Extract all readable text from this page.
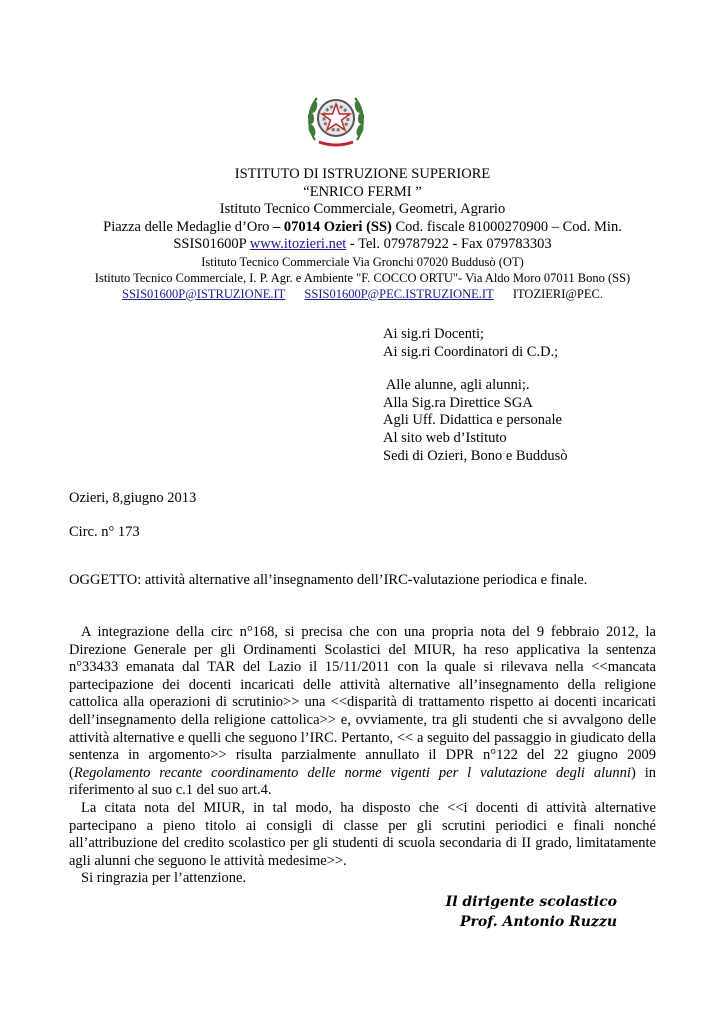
ISTITUTO DI ISTRUZIONE SUPERIORE
“ENRICO FERMI ”
Istituto Tecnico Commerciale, Geometri, Agrario
Piazza delle Medaglie d’Oro – 07014 Ozieri (SS) Cod. fiscale 81000270900 – Cod. Min.
SSIS01600P www.itozieri.net - Tel. 079787922 - Fax 079783303
Istituto Tecnico Commerciale Via Gronchi 07020 Buddusò (OT)
Istituto Tecnico Commerciale, I. P. Agr. e Ambiente "F. COCCO ORTU"- Via Aldo Moro 07011 Bono (SS)
SSIS01600P@ISTRUZIONE.IT SSIS01600P@PEC.ISTRUZIONE.IT ITOZIERI@PEC.
Ai sig.ri Docenti;
Ai sig.ri Coordinatori di C.D.;
Alle alunne, agli alunni;.
Alla Sig.ra Direttice SGA
Agli Uff. Didattica e personale
Al sito web d’Istituto
Sedi di Ozieri, Bono e Buddusò
Ozieri, 8,giugno 2013
Circ. n° 173
OGGETTO: attività alternative all’insegnamento dell’IRC-valutazione periodica e finale.

A integrazione della circ n°168, si precisa che con una propria nota del 9 febbraio 2012, la Direzione Generale per gli Ordinamenti Scolastici del MIUR, ha reso applicativa la sentenza n°33433 emanata dal TAR del Lazio il 15/11/2011 con la quale si rilevava nella <<mancata partecipazione dei docenti incaricati delle attività alternative all’insegnamento della religione cattolica alla operazioni di scrutinio>> una <<disparità di trattamento rispetto ai docenti incaricati dell’insegnamento della religione cattolica>> e, ovviamente, tra gli studenti che si avvalgono delle attività alternative e quelli che seguono l’IRC. Pertanto, << a seguito del passaggio in giudicato della sentenza in argomento>> risulta parzialmente annullato il DPR n°122 del 22 giugno 2009 (Regolamento recante coordinamento delle norme vigenti per l valutazione degli alunni) in riferimento al suo c.1 del suo art.4.

La citata nota del MIUR, in tal modo, ha disposto che <<i docenti di attività alternative partecipano a pieno titolo ai consigli di classe per gli scrutini periodici e finali nonché all’attribuzione del credito scolastico per gli studenti di scuola secondaria di II grado, limitatamente agli alunni che seguono le attività medesime>>.

Si ringrazia per l’attenzione.

Il dirigente scolastico
Prof. Antonio Ruzzu
